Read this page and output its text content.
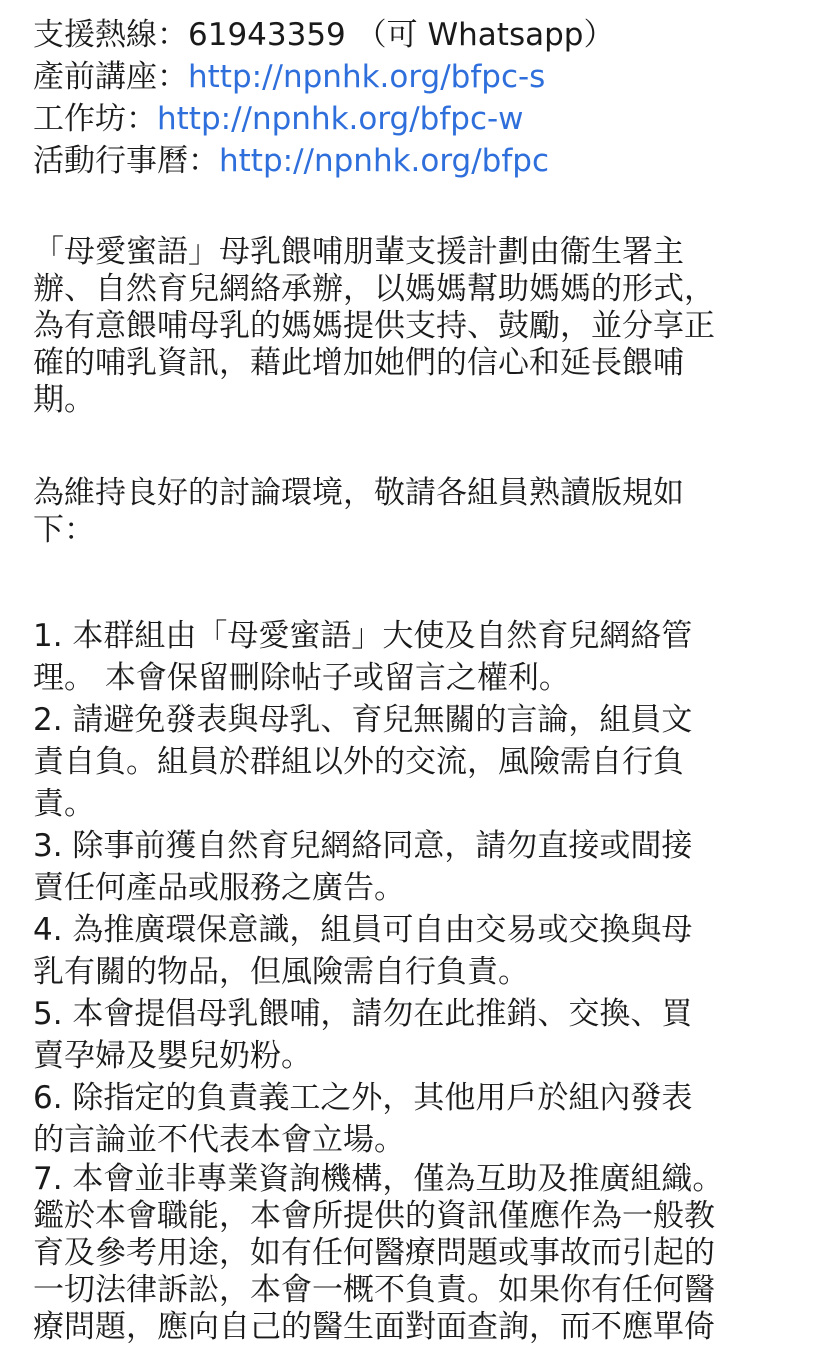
支援熱線：61943359 （可 Whatsapp）
產前講座：http://npnhk.org/bfpc-s
工作坊：http://npnhk.org/bfpc-w
活動行事曆：http://npnhk.org/bfpc
「母愛蜜語」母乳餵哺朋輩支援計劃由衞生署主
辦、自然育兒網絡承辦，以媽媽幫助媽媽的形式，
為有意餵哺母乳的媽媽提供支持、鼓勵，並分享正
確的哺乳資訊，藉此增加她們的信心和延長餵哺
期。
為維持良好的討論環境，敬請各組員熟讀版規如
下：
1. 本群組由「母愛蜜語」大使及自然育兒網絡管
理。 本會保留刪除帖子或留言之權利。
2. 請避免發表與母乳、育兒無關的言論，組員文
責自負。組員於群組以外的交流，風險需自行負
責。
3. 除事前獲自然育兒網絡同意，請勿直接或間接
賣任何產品或服務之廣告。
4. 為推廣環保意識，組員可自由交易或交換與母
乳有關的物品，但風險需自行負責。
5. 本會提倡母乳餵哺，請勿在此推銷、交換、買
賣孕婦及嬰兒奶粉。
6. 除指定的負責義工之外，其他用戶於組內發表
的言論並不代表本會立場。
7. 本會並非專業資詢機構，僅為互助及推廣組織。
鑑於本會職能，本會所提供的資訊僅應作為一般教
育及參考用途，如有任何醫療問題或事故而引起的
一切法律訴訟，本會一概不負責。如果你有任何醫
療問題，應向自己的醫生面對面查詢，而不應單倚
